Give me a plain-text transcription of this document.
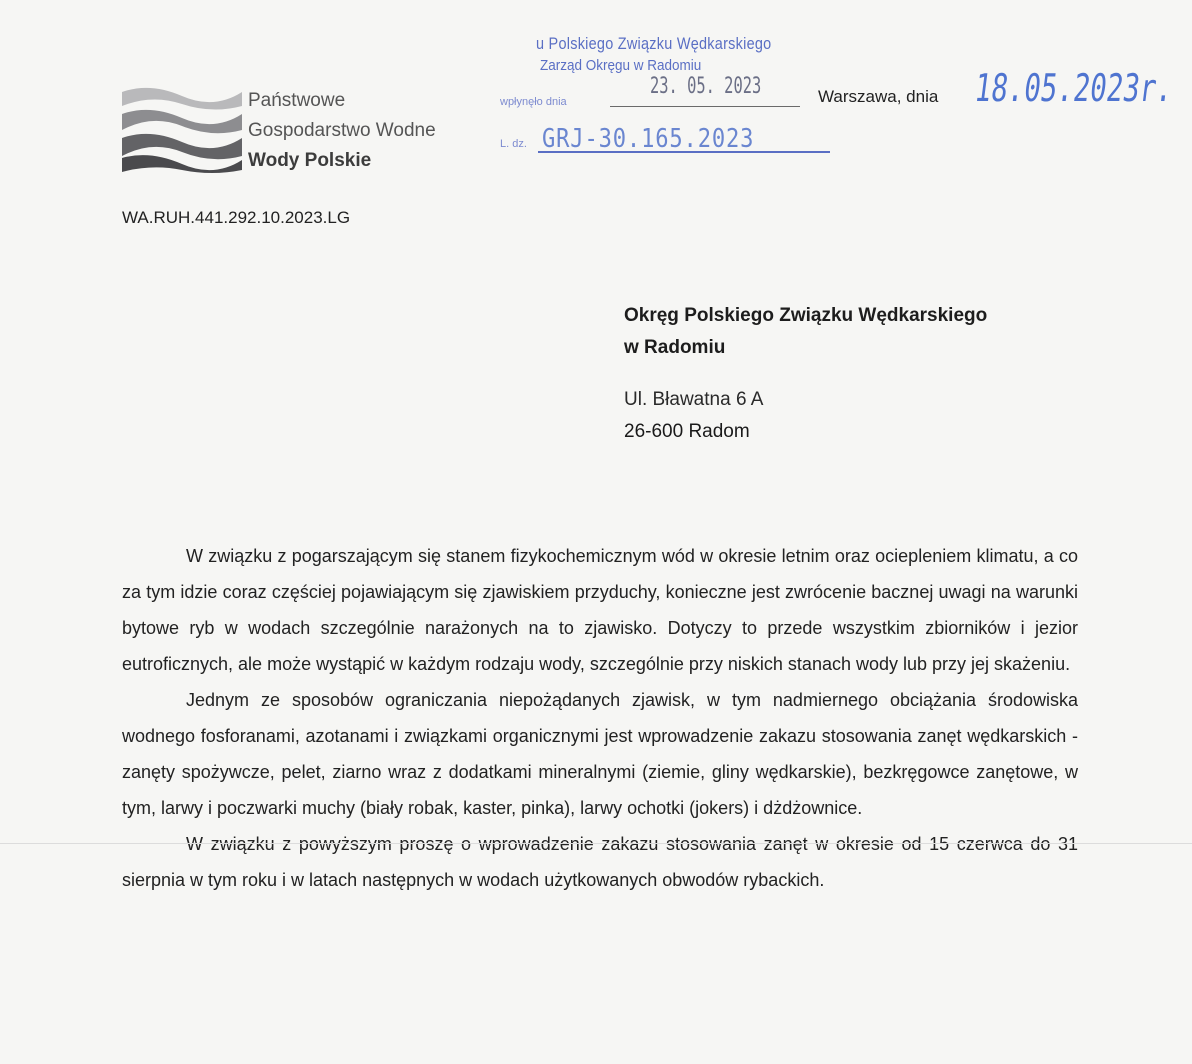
Państwowe
Gospodarstwo Wodne
Wody Polskie
u Polskiego Związku Wędkarskiego
Zarząd Okręgu w Radomiu
23. 05. 2023
wpłynęło dnia
L. dz. GRJ-30.165.2023
Warszawa, dnia 18.05.2023r.
WA.RUH.441.292.10.2023.LG
Okręg Polskiego Związku Wędkarskiego
w Radomiu
Ul. Bławatna 6 A
26-600 Radom

W związku z pogarszającym się stanem fizykochemicznym wód w okresie letnim oraz ociepleniem klimatu, a co za tym idzie coraz częściej pojawiającym się zjawiskiem przyduchy, konieczne jest zwrócenie bacznej uwagi na warunki bytowe ryb w wodach szczególnie narażonych na to zjawisko. Dotyczy to przede wszystkim zbiorników i jezior eutroficznych, ale może wystąpić w każdym rodzaju wody, szczególnie przy niskich stanach wody lub przy jej skażeniu.

Jednym ze sposobów ograniczania niepożądanych zjawisk, w tym nadmiernego obciążania środowiska wodnego fosforanami, azotanami i związkami organicznymi jest wprowadzenie zakazu stosowania zanęt wędkarskich - zanęty spożywcze, pelet, ziarno wraz z dodatkami mineralnymi (ziemie, gliny wędkarskie), bezkręgowce zanętowe, w tym, larwy i poczwarki muchy (biały robak, kaster, pinka), larwy ochotki (jokers) i dżdżownice.

W związku z powyższym proszę o wprowadzenie zakazu stosowania zanęt w okresie od 15 czerwca do 31 sierpnia w tym roku i w latach następnych w wodach użytkowanych obwodów rybackich.
